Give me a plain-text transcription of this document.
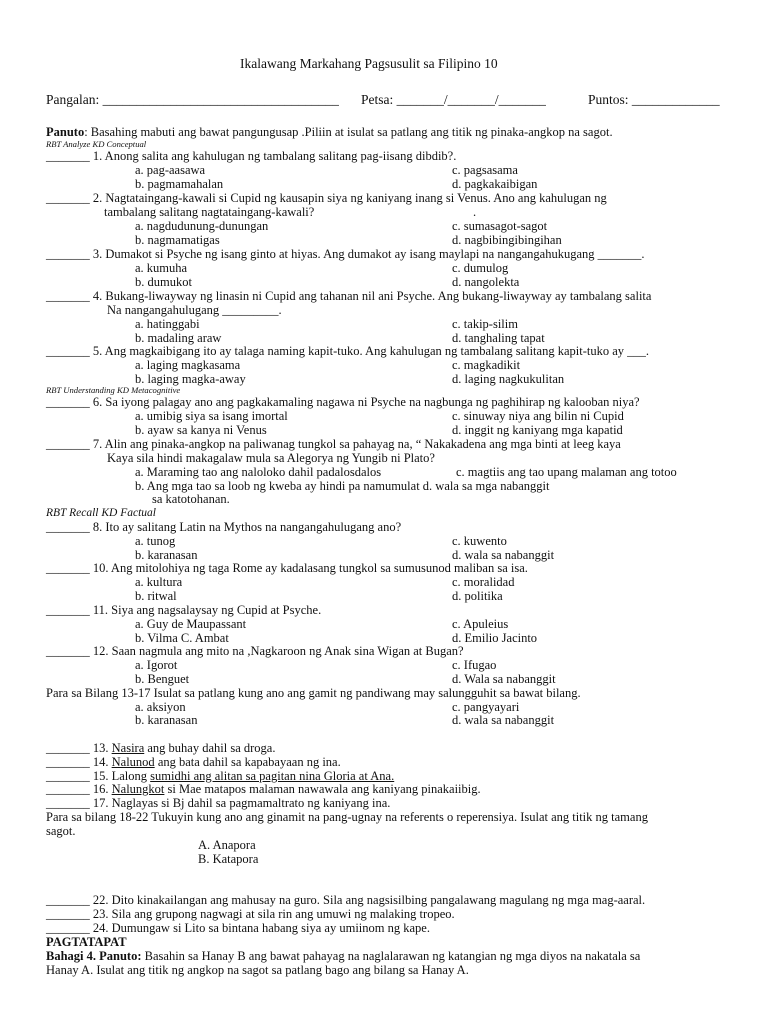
Ikalawang Markahang Pagsusulit sa Filipino 10
Pangalan: ___________________________________ Petsa: _______/_______/_______	Puntos: _____________
Panuto: Basahing mabuti ang bawat pangungusap .Piliin at isulat sa patlang ang titik ng pinaka-angkop na sagot.
RBT Analyze KD Conceptual
_______ 1. Anong salita ang kahulugan ng tambalang salitang pag-iisang dibdib?.
a. pag-aasawa	c. pagsasama
b. pagmamahalan	d. pagkakaibigan
_______ 2. Nagtataingang-kawali si Cupid ng kausapin siya ng kaniyang inang si Venus. Ano ang kahulugan ng
tambalang salitang nagtataingang-kawali?	.
a. nagdudunung-dunungan	c. sumasagot-sagot
b. nagmamatigas	d. nagbibingibingihan
_______ 3. Dumakot si Psyche ng isang ginto at hiyas. Ang dumakot ay isang maylapi na nangangahukugang _______.
a. kumuha	c. dumulog
b. dumukot	d. nangolekta
_______ 4. Bukang-liwayway ng linasin ni Cupid ang tahanan nil ani Psyche. Ang bukang-liwayway ay tambalang salita
Na nangangahulugang _________.
a. hatinggabi	c. takip-silim
b. madaling araw	d. tanghaling tapat
_______ 5. Ang magkaibigang ito ay talaga naming kapit-tuko. Ang kahulugan ng tambalang salitang kapit-tuko ay ___.
a. laging magkasama	c. magkadikit
b. laging magka-away	d. laging nagkukulitan
RBT Understanding KD Metacognitive
_______ 6. Sa iyong palagay ano ang pagkakamaling nagawa ni Psyche na nagbunga ng paghihirap ng kalooban niya?
a. umibig siya sa isang imortal	c. sinuway niya ang bilin ni Cupid
b. ayaw sa kanya ni Venus	d. inggit ng kaniyang mga kapatid
_______ 7. Alin ang pinaka-angkop na paliwanag tungkol sa pahayag na, “ Nakakadena ang mga binti at leeg kaya
Kaya sila hindi makagalaw mula sa Alegorya ng Yungib ni Plato?
a. Maraming tao ang naloloko dahil padalosdalos	c. magtiis ang tao upang malaman ang totoo
b. Ang mga tao sa loob ng kweba ay hindi pa namumulat d. wala sa mga nabanggit
sa katotohanan.
RBT Recall KD Factual
_______ 8. Ito ay salitang Latin na Mythos na nangangahulugang ano?
a. tunog	c. kuwento
b. karanasan	d. wala sa nabanggit
_______ 10. Ang mitolohiya ng taga Rome ay kadalasang tungkol sa sumusunod maliban sa isa.
a. kultura	c. moralidad
b. ritwal	d. politika
_______ 11. Siya ang nagsalaysay ng Cupid at Psyche.
a. Guy de Maupassant	c. Apuleius
b. Vilma C. Ambat	d. Emilio Jacinto
_______ 12. Saan nagmula ang mito na ,Nagkaroon ng Anak sina Wigan at Bugan?
a. Igorot	c. Ifugao
b. Benguet	d. Wala sa nabanggit
Para sa Bilang 13-17 Isulat sa patlang kung ano ang gamit ng pandiwang may salungguhit sa bawat bilang.
a. aksiyon	c. pangyayari
b. karanasan	d. wala sa nabanggit
_______ 13. Nasira ang buhay dahil sa droga.
_______ 14. Nalunod ang bata dahil sa kapabayaan ng ina.
_______ 15. Lalong sumidhi ang alitan sa pagitan nina Gloria at Ana.
_______ 16. Nalungkot si Mae matapos malaman nawawala ang kaniyang pinakaiibig.
_______ 17. Naglayas si Bj dahil sa pagmamaltrato ng kaniyang ina.
Para sa bilang 18-22 Tukuyin kung ano ang ginamit na pang-ugnay na referents o reperensiya. Isulat ang titik ng tamang
sagot.
A. Anapora
B. Katapora
_______ 22. Dito kinakailangan ang mahusay na guro. Sila ang nagsisilbing pangalawang magulang ng mga mag-aaral.
_______ 23. Sila ang grupong nagwagi at sila rin ang umuwi ng malaking tropeo.
_______ 24. Dumungaw si Lito sa bintana habang siya ay umiinom ng kape.
PAGTATAPAT
Bahagi 4. Panuto: Basahin sa Hanay B ang bawat pahayag na naglalarawan ng katangian ng mga diyos na nakatala sa
Hanay A. Isulat ang titik ng angkop na sagot sa patlang bago ang bilang sa Hanay A.
